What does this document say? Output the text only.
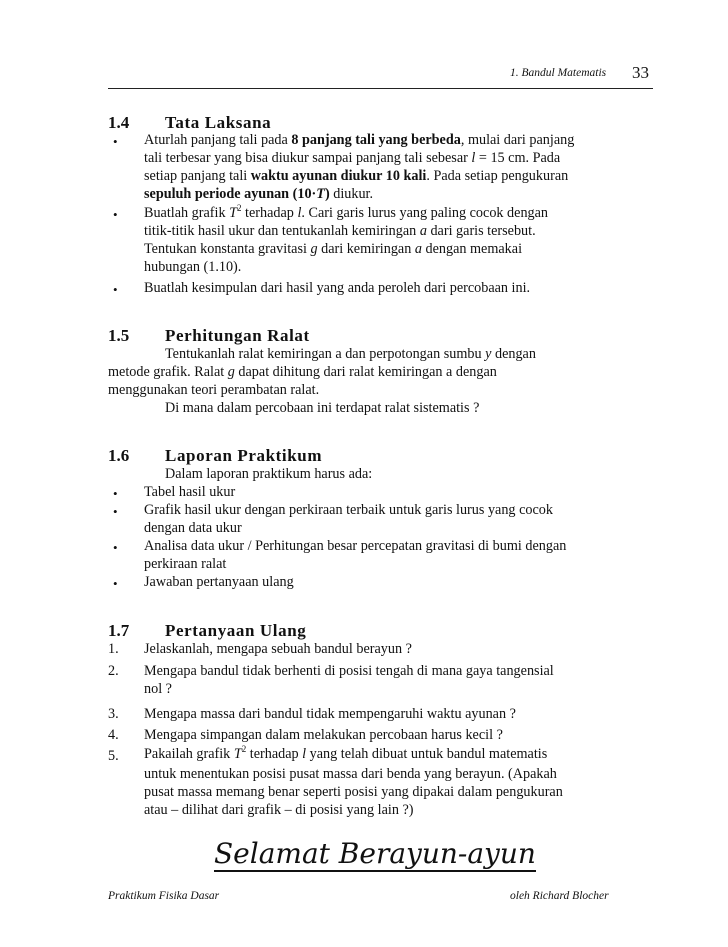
1. Bandul Matematis 33
1.4 Tata Laksana
• Aturlah panjang tali pada 8 panjang tali yang berbeda, mulai dari panjang
tali terbesar yang bisa diukur sampai panjang tali sebesar l = 15 cm. Pada
setiap panjang tali waktu ayunan diukur 10 kali. Pada setiap pengukuran
sepuluh periode ayunan (10·T) diukur.
• Buatlah grafik $T^2$ terhadap l. Cari garis lurus yang paling cocok dengan
titik-titik hasil ukur dan tentukanlah kemiringan a dari garis tersebut.
Tentukan konstanta gravitasi g dari kemiringan a dengan memakai
hubungan (1.10).
• Buatlah kesimpulan dari hasil yang anda peroleh dari percobaan ini.
1.5 Perhitungan Ralat
Tentukanlah ralat kemiringan a dan perpotongan sumbu y dengan
metode grafik. Ralat g dapat dihitung dari ralat kemiringan a dengan
menggunakan teori perambatan ralat.
Di mana dalam percobaan ini terdapat ralat sistematis ?
1.6 Laporan Praktikum
Dalam laporan praktikum harus ada:
• Tabel hasil ukur
• Grafik hasil ukur dengan perkiraan terbaik untuk garis lurus yang cocok
dengan data ukur
• Analisa data ukur / Perhitungan besar percepatan gravitasi di bumi dengan
perkiraan ralat
• Jawaban pertanyaan ulang
1.7 Pertanyaan Ulang
1. Jelaskanlah, mengapa sebuah bandul berayun ?
2. Mengapa bandul tidak berhenti di posisi tengah di mana gaya tangensial
nol ?
3. Mengapa massa dari bandul tidak mempengaruhi waktu ayunan ?
4. Mengapa simpangan dalam melakukan percobaan harus kecil ?
5. Pakailah grafik $T^2$ terhadap l yang telah dibuat untuk bandul matematis
untuk menentukan posisi pusat massa dari benda yang berayun. (Apakah
pusat massa memang benar seperti posisi yang dipakai dalam pengukuran
atau – dilihat dari grafik – di posisi yang lain ?)
Selamat Berayun-ayun
Praktikum Fisika Dasar	oleh Richard Blocher
